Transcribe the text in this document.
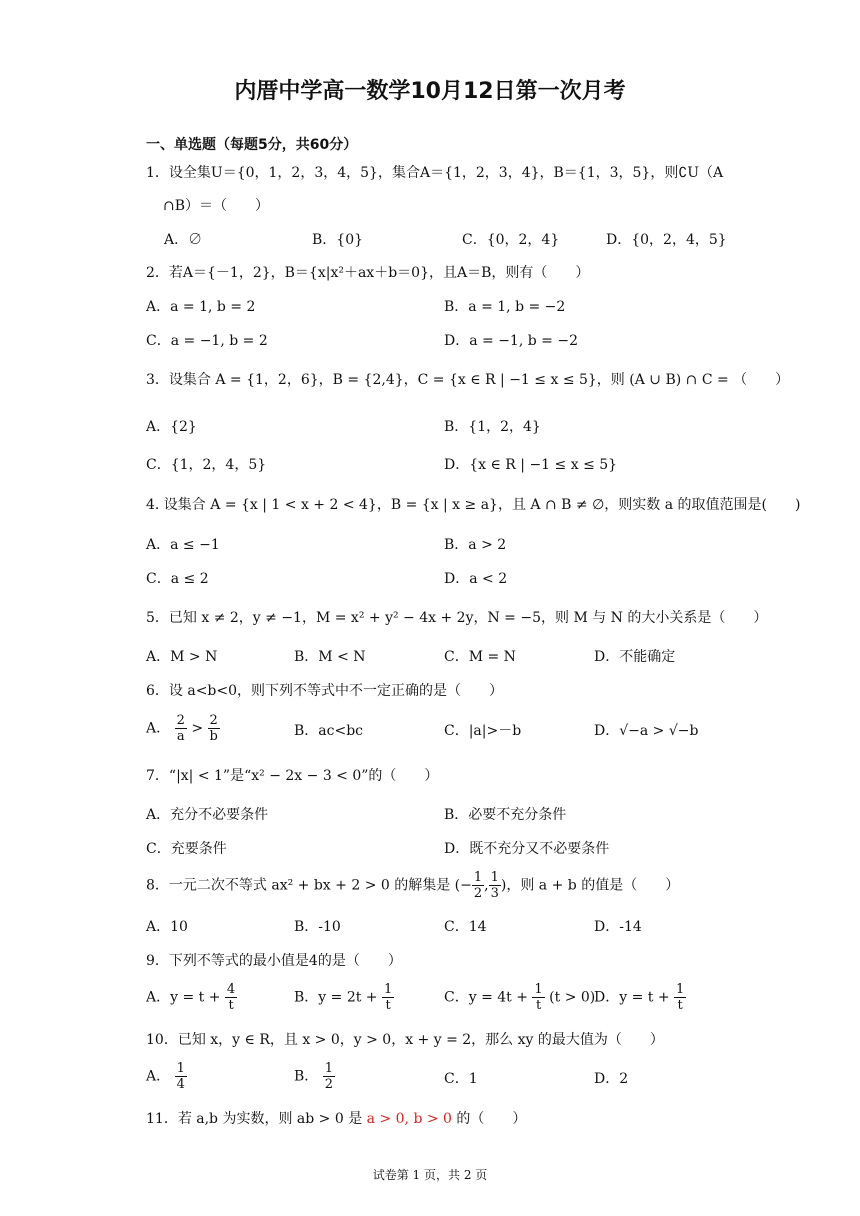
内厝中学高一数学10月12日第一次月考
一、单选题（每题5分，共60分）
1．设全集U＝{0，1，2，3，4，5}，集合A＝{1，2，3，4}，B＝{1，3，5}，则∁U（A
∩B）＝（　　）
A．∅	B．{0}	C．{0，2，4}	D．{0，2，4，5}
2．若A＝{－1，2}，B＝{x|x²＋ax＋b＝0}，且A＝B，则有（　　）
A．a = 1, b = 2	B．a = 1, b = −2
C．a = −1, b = 2	D．a = −1, b = −2
3．设集合 A = {1，2，6}，B = {2,4}，C = {x ∈ R | −1 ≤ x ≤ 5}，则 (A ∪ B) ∩ C = （　　）
A．{2}	B．{1，2，4}
C．{1，2，4，5}	D．{x ∈ R | −1 ≤ x ≤ 5}
4. 设集合 A = {x | 1 < x + 2 < 4}，B = {x | x ≥ a}，且 A ∩ B ≠ ∅，则实数 a 的取值范围是(　　)
A．a ≤ −1	B．a > 2
C．a ≤ 2	D．a < 2
5．已知 x ≠ 2，y ≠ −1，M = x² + y² − 4x + 2y，N = −5，则 M 与 N 的大小关系是（　　）
A．M > N	B．M < N	C．M = N	D．不能确定
6．设 a<b<0，则下列不等式中不一定正确的是（　　）
A． $\frac{2}{a} > \frac{2}{b}$	B．ac<bc	C．|a|>－b	D．√−a > √−b
7．“|x| < 1”是“x² − 2x − 3 < 0”的（　　）
A．充分不必要条件	B．必要不充分条件
C．充要条件	D．既不充分又不必要条件
8．一元二次不等式 ax² + bx + 2 > 0 的解集是 (− $\frac{1}{2}$ , $\frac{1}{3}$ )，则 a + b 的值是（　　）
A．10	B．-10	C．14	D．-14
9．下列不等式的最小值是4的是（　　）
A．$y = t + \frac{4}{t}$	B．$y = 2t + \frac{1}{t}$	C．$y = 4t + \frac{1}{t} (t > 0)$
D．$y = t + \frac{1}{t}$
10．已知 x，y ∈ R，且 x > 0，y > 0，x + y = 2，那么 xy 的最大值为（　　）
A． $\frac{1}{4}$	B． $\frac{1}{2}$	C．1	D．2
11．若 a,b 为实数，则 ab > 0 是 a > 0, b > 0 的（　　）
试卷第 1 页，共 2 页
